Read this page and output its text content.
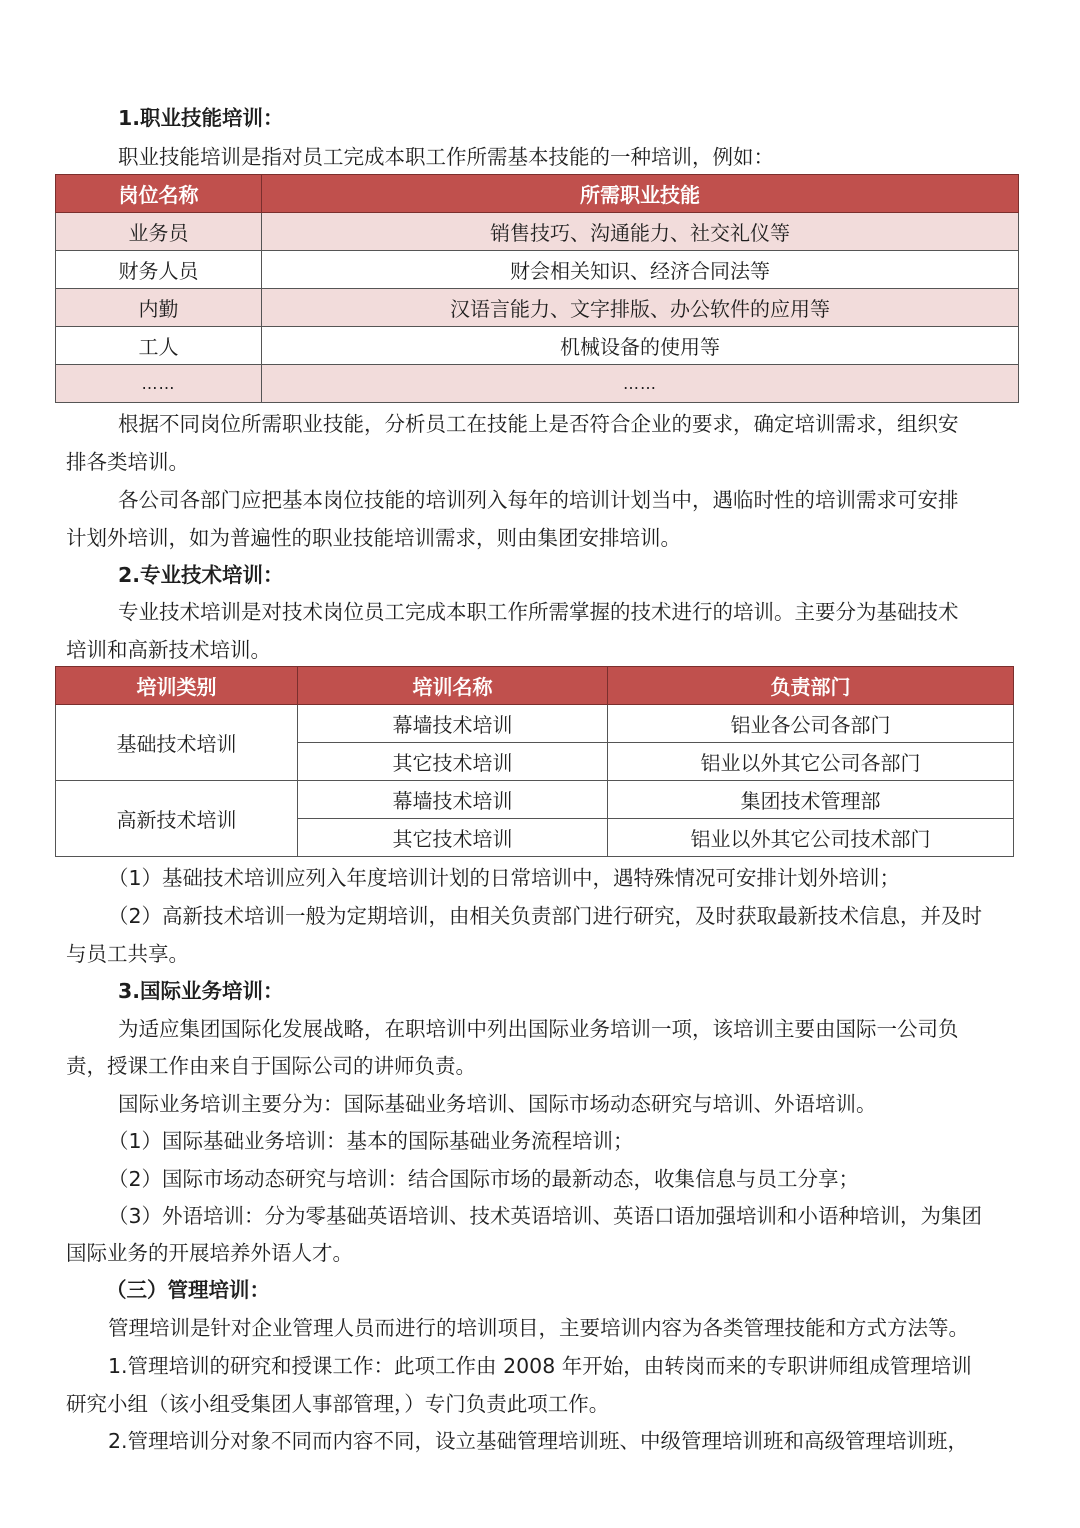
1.职业技能培训：
职业技能培训是指对员工完成本职工作所需基本技能的一种培训，例如：
岗位名称	所需职业技能
业务员	销售技巧、沟通能力、社交礼仪等
财务人员	财会相关知识、经济合同法等
内勤	汉语言能力、文字排版、办公软件的应用等
工人	机械设备的使用等
……	……
根据不同岗位所需职业技能，分析员工在技能上是否符合企业的要求，确定培训需求，组织安
排各类培训。
各公司各部门应把基本岗位技能的培训列入每年的培训计划当中，遇临时性的培训需求可安排
计划外培训，如为普遍性的职业技能培训需求，则由集团安排培训。
2.专业技术培训：
专业技术培训是对技术岗位员工完成本职工作所需掌握的技术进行的培训。主要分为基础技术
培训和高新技术培训。
培训类别	培训名称	负责部门
基础技术培训	幕墙技术培训	铝业各公司各部门
	其它技术培训	铝业以外其它公司各部门
高新技术培训	幕墙技术培训	集团技术管理部
	其它技术培训	铝业以外其它公司技术部门
（1）基础技术培训应列入年度培训计划的日常培训中，遇特殊情况可安排计划外培训；
（2）高新技术培训一般为定期培训，由相关负责部门进行研究，及时获取最新技术信息，并及时
与员工共享。
3.国际业务培训：
为适应集团国际化发展战略，在职培训中列出国际业务培训一项，该培训主要由国际一公司负
责，授课工作由来自于国际公司的讲师负责。
国际业务培训主要分为：国际基础业务培训、国际市场动态研究与培训、外语培训。
（1）国际基础业务培训：基本的国际基础业务流程培训；
（2）国际市场动态研究与培训：结合国际市场的最新动态，收集信息与员工分享；
（3）外语培训：分为零基础英语培训、技术英语培训、英语口语加强培训和小语种培训，为集团
国际业务的开展培养外语人才。
（三）管理培训：
管理培训是针对企业管理人员而进行的培训项目，主要培训内容为各类管理技能和方式方法等。
1.管理培训的研究和授课工作：此项工作由 2008 年开始，由转岗而来的专职讲师组成管理培训
研究小组（该小组受集团人事部管理，）专门负责此项工作。
2.管理培训分对象不同而内容不同，设立基础管理培训班、中级管理培训班和高级管理培训班，
